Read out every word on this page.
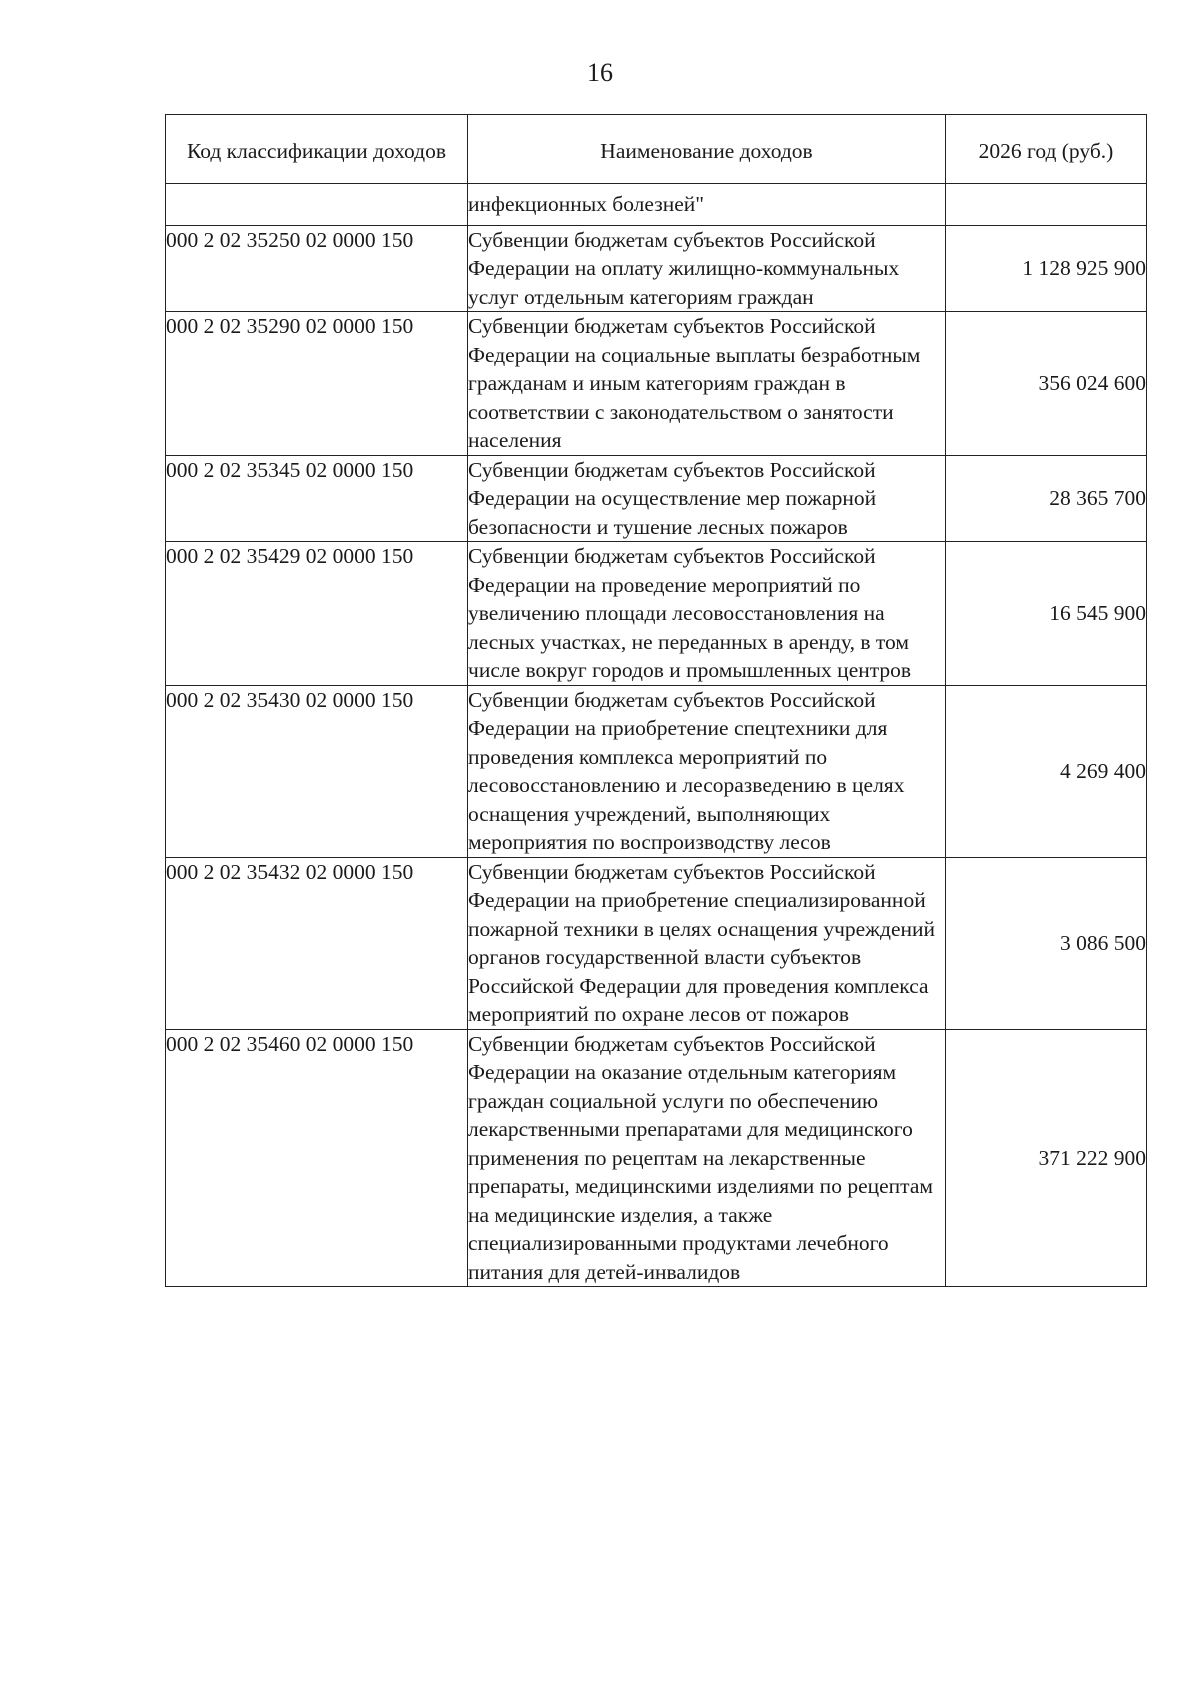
16
Код классификации доходов	Наименование доходов	2026 год (руб.)
	инфекционных болезней"	
000 2 02 35250 02 0000 150	Субвенции бюджетам субъектов Российской Федерации на оплату жилищно-коммунальных услуг отдельным категориям граждан	1 128 925 900
000 2 02 35290 02 0000 150	Субвенции бюджетам субъектов Российской Федерации на социальные выплаты безработным гражданам и иным категориям граждан в соответствии с законодательством о занятости населения	356 024 600
000 2 02 35345 02 0000 150	Субвенции бюджетам субъектов Российской Федерации на осуществление мер пожарной безопасности и тушение лесных пожаров	28 365 700
000 2 02 35429 02 0000 150	Субвенции бюджетам субъектов Российской Федерации на проведение мероприятий по увеличению площади лесовосстановления на лесных участках, не переданных в аренду, в том числе вокруг городов и промышленных центров	16 545 900
000 2 02 35430 02 0000 150	Субвенции бюджетам субъектов Российской Федерации на приобретение спецтехники для проведения комплекса мероприятий по лесовосстановлению и лесоразведению в целях оснащения учреждений, выполняющих мероприятия по воспроизводству лесов	4 269 400
000 2 02 35432 02 0000 150	Субвенции бюджетам субъектов Российской Федерации на приобретение специализированной пожарной техники в целях оснащения учреждений органов государственной власти субъектов Российской Федерации для проведения комплекса мероприятий по охране лесов от пожаров	3 086 500
000 2 02 35460 02 0000 150	Субвенции бюджетам субъектов Российской Федерации на оказание отдельным категориям граждан социальной услуги по обеспечению лекарственными препаратами для медицинского применения по рецептам на лекарственные препараты, медицинскими изделиями по рецептам на медицинские изделия, а также специализированными продуктами лечебного питания для детей-инвалидов	371 222 900
